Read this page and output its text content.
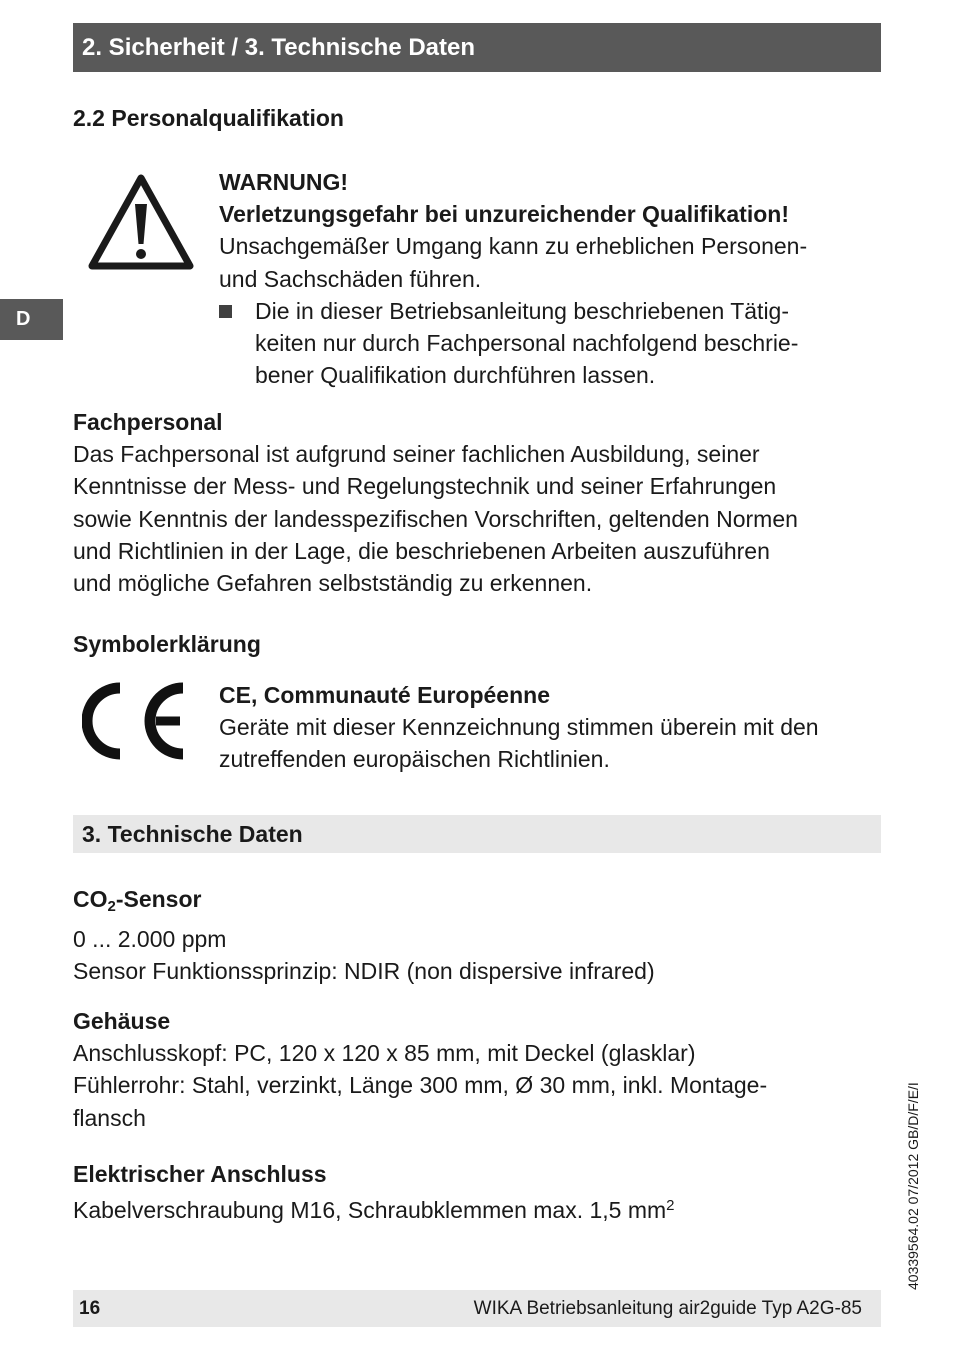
2. Sicherheit / 3. Technische Daten
D
2.2 Personalqualifikation
WARNUNG!
Verletzungsgefahr bei unzureichender Qualifikation!
Unsachgemäßer Umgang kann zu erheblichen Personen-
und Sachschäden führen.
Die in dieser Betriebsanleitung beschriebenen Tätig-
keiten nur durch Fachpersonal nachfolgend beschrie-
bener Qualifikation durchführen lassen.
Fachpersonal
Das Fachpersonal ist aufgrund seiner fachlichen Ausbildung, seiner
Kenntnisse der Mess- und Regelungstechnik und seiner Erfahrungen
sowie Kenntnis der landesspezifischen Vorschriften, geltenden Normen
und Richtlinien in der Lage, die beschriebenen Arbeiten auszuführen
und mögliche Gefahren selbstständig zu erkennen.
Symbolerklärung
CE, Communauté Européenne
Geräte mit dieser Kennzeichnung stimmen überein mit den
zutreffenden europäischen Richtlinien.
3. Technische Daten
$CO_2$-Sensor
0 ... 2.000 ppm
Sensor Funktionssprinzip: NDIR (non dispersive infrared)
Gehäuse
Anschlusskopf: PC, 120 x 120 x 85 mm, mit Deckel (glasklar)
Fühlerrohr: Stahl, verzinkt, Länge 300 mm, Ø 30 mm, inkl. Montage-
flansch
Elektrischer Anschluss
Kabelverschraubung M16, Schraubklemmen max. 1,5 $mm^2$
16	WIKA Betriebsanleitung air2guide Typ A2G-85
40339564.02 07/2012 GB/D/F/E/I
